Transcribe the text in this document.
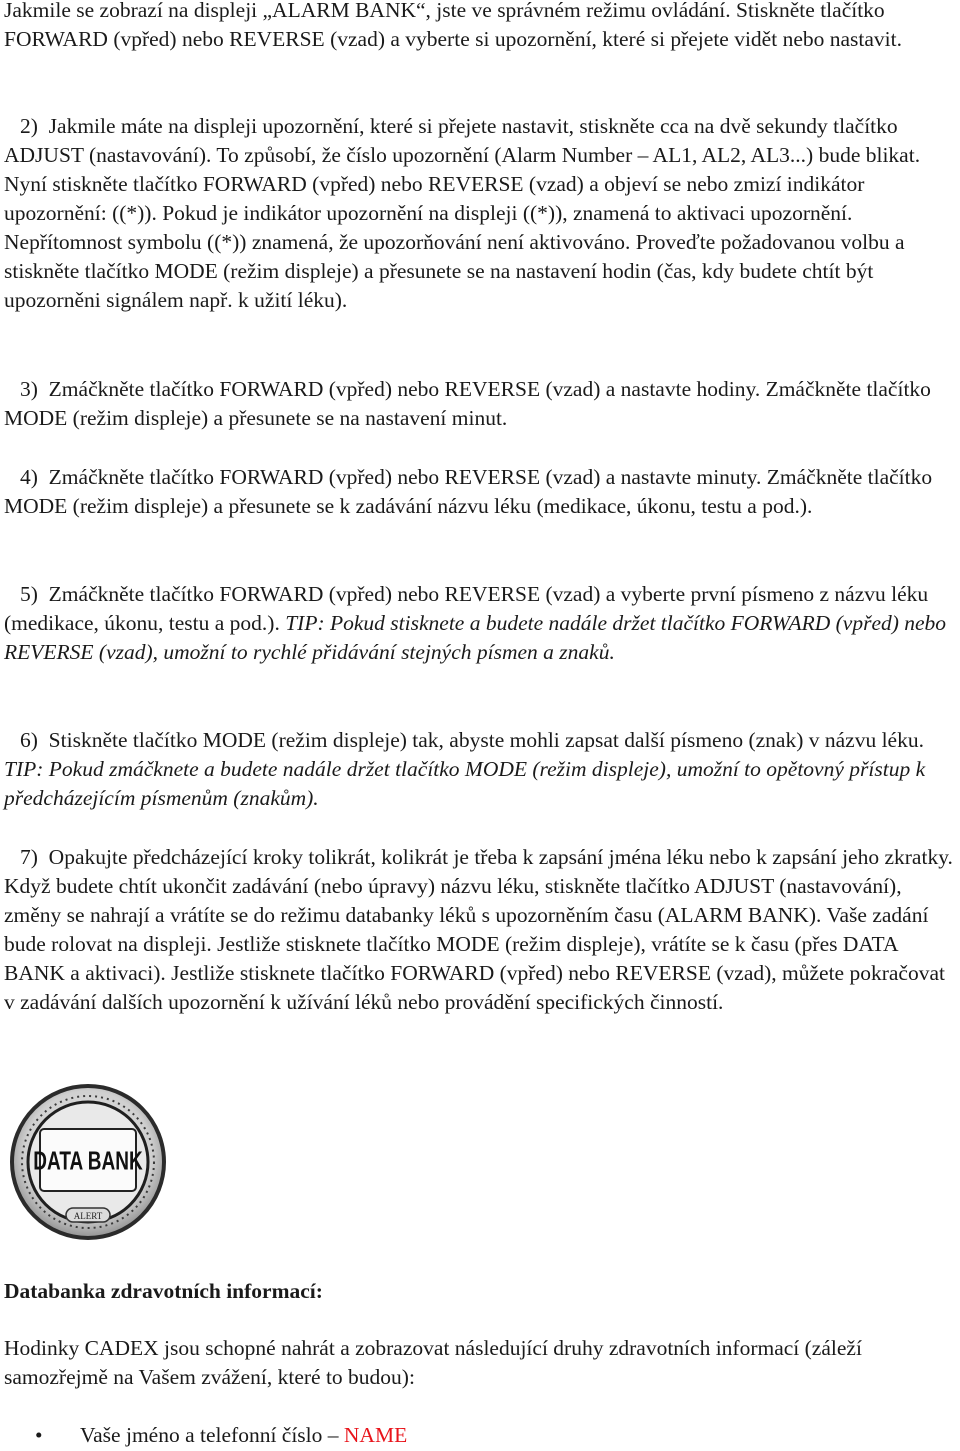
Jakmile se zobrazí na displeji „ALARM BANK“, jste ve správném režimu ovládání. Stiskněte tlačítko FORWARD (vpřed) nebo REVERSE (vzad) a vyberte si upozornění, které si přejete vidět nebo nastavit.

2) Jakmile máte na displeji upozornění, které si přejete nastavit, stiskněte cca na dvě sekundy tlačítko ADJUST (nastavování). To způsobí, že číslo upozornění (Alarm Number – AL1, AL2, AL3...) bude blikat. Nyní stiskněte tlačítko FORWARD (vpřed) nebo REVERSE (vzad) a objeví se nebo zmizí indikátor upozornění: ((*)). Pokud je indikátor upozornění na displeji ((*)), znamená to aktivaci upozornění. Nepřítomnost symbolu ((*)) znamená, že upozorňování není aktivováno. Proveďte požadovanou volbu a stiskněte tlačítko MODE (režim displeje) a přesunete se na nastavení hodin (čas, kdy budete chtít být upozorněni signálem např. k užití léku).

3) Zmáčkněte tlačítko FORWARD (vpřed) nebo REVERSE (vzad) a nastavte hodiny. Zmáčkněte tlačítko MODE (režim displeje) a přesunete se na nastavení minut.

4) Zmáčkněte tlačítko FORWARD (vpřed) nebo REVERSE (vzad) a nastavte minuty. Zmáčkněte tlačítko MODE (režim displeje) a přesunete se k zadávání názvu léku (medikace, úkonu, testu a pod.).

5) Zmáčkněte tlačítko FORWARD (vpřed) nebo REVERSE (vzad) a vyberte první písmeno z názvu léku (medikace, úkonu, testu a pod.). TIP: Pokud stisknete a budete nadále držet tlačítko FORWARD (vpřed) nebo REVERSE (vzad), umožní to rychlé přidávání stejných písmen a znaků.

6) Stiskněte tlačítko MODE (režim displeje) tak, abyste mohli zapsat další písmeno (znak) v názvu léku. TIP: Pokud zmáčknete a budete nadále držet tlačítko MODE (režim displeje), umožní to opětovný přístup k předcházejícím písmenům (znakům).

7) Opakujte předcházející kroky tolikrát, kolikrát je třeba k zapsání jména léku nebo k zapsání jeho zkratky. Když budete chtít ukončit zadávání (nebo úpravy) názvu léku, stiskněte tlačítko ADJUST (nastavování), změny se nahrají a vrátíte se do režimu databanky léků s upozorněním času (ALARM BANK). Vaše zadání bude rolovat na displeji. Jestliže stisknete tlačítko MODE (režim displeje), vrátíte se k času (přes DATA BANK a aktivaci). Jestliže stisknete tlačítko FORWARD (vpřed) nebo REVERSE (vzad), můžete pokračovat v zadávání dalších upozornění k užívání léků nebo provádění specifických činností.

DATA BANK
ALERT

Databanka zdravotních informací:

Hodinky CADEX jsou schopné nahrát a zobrazovat následující druhy zdravotních informací (záleží samozřejmě na Vašem zvážení, které to budou):

• Vaše jméno a telefonní číslo – NAME
